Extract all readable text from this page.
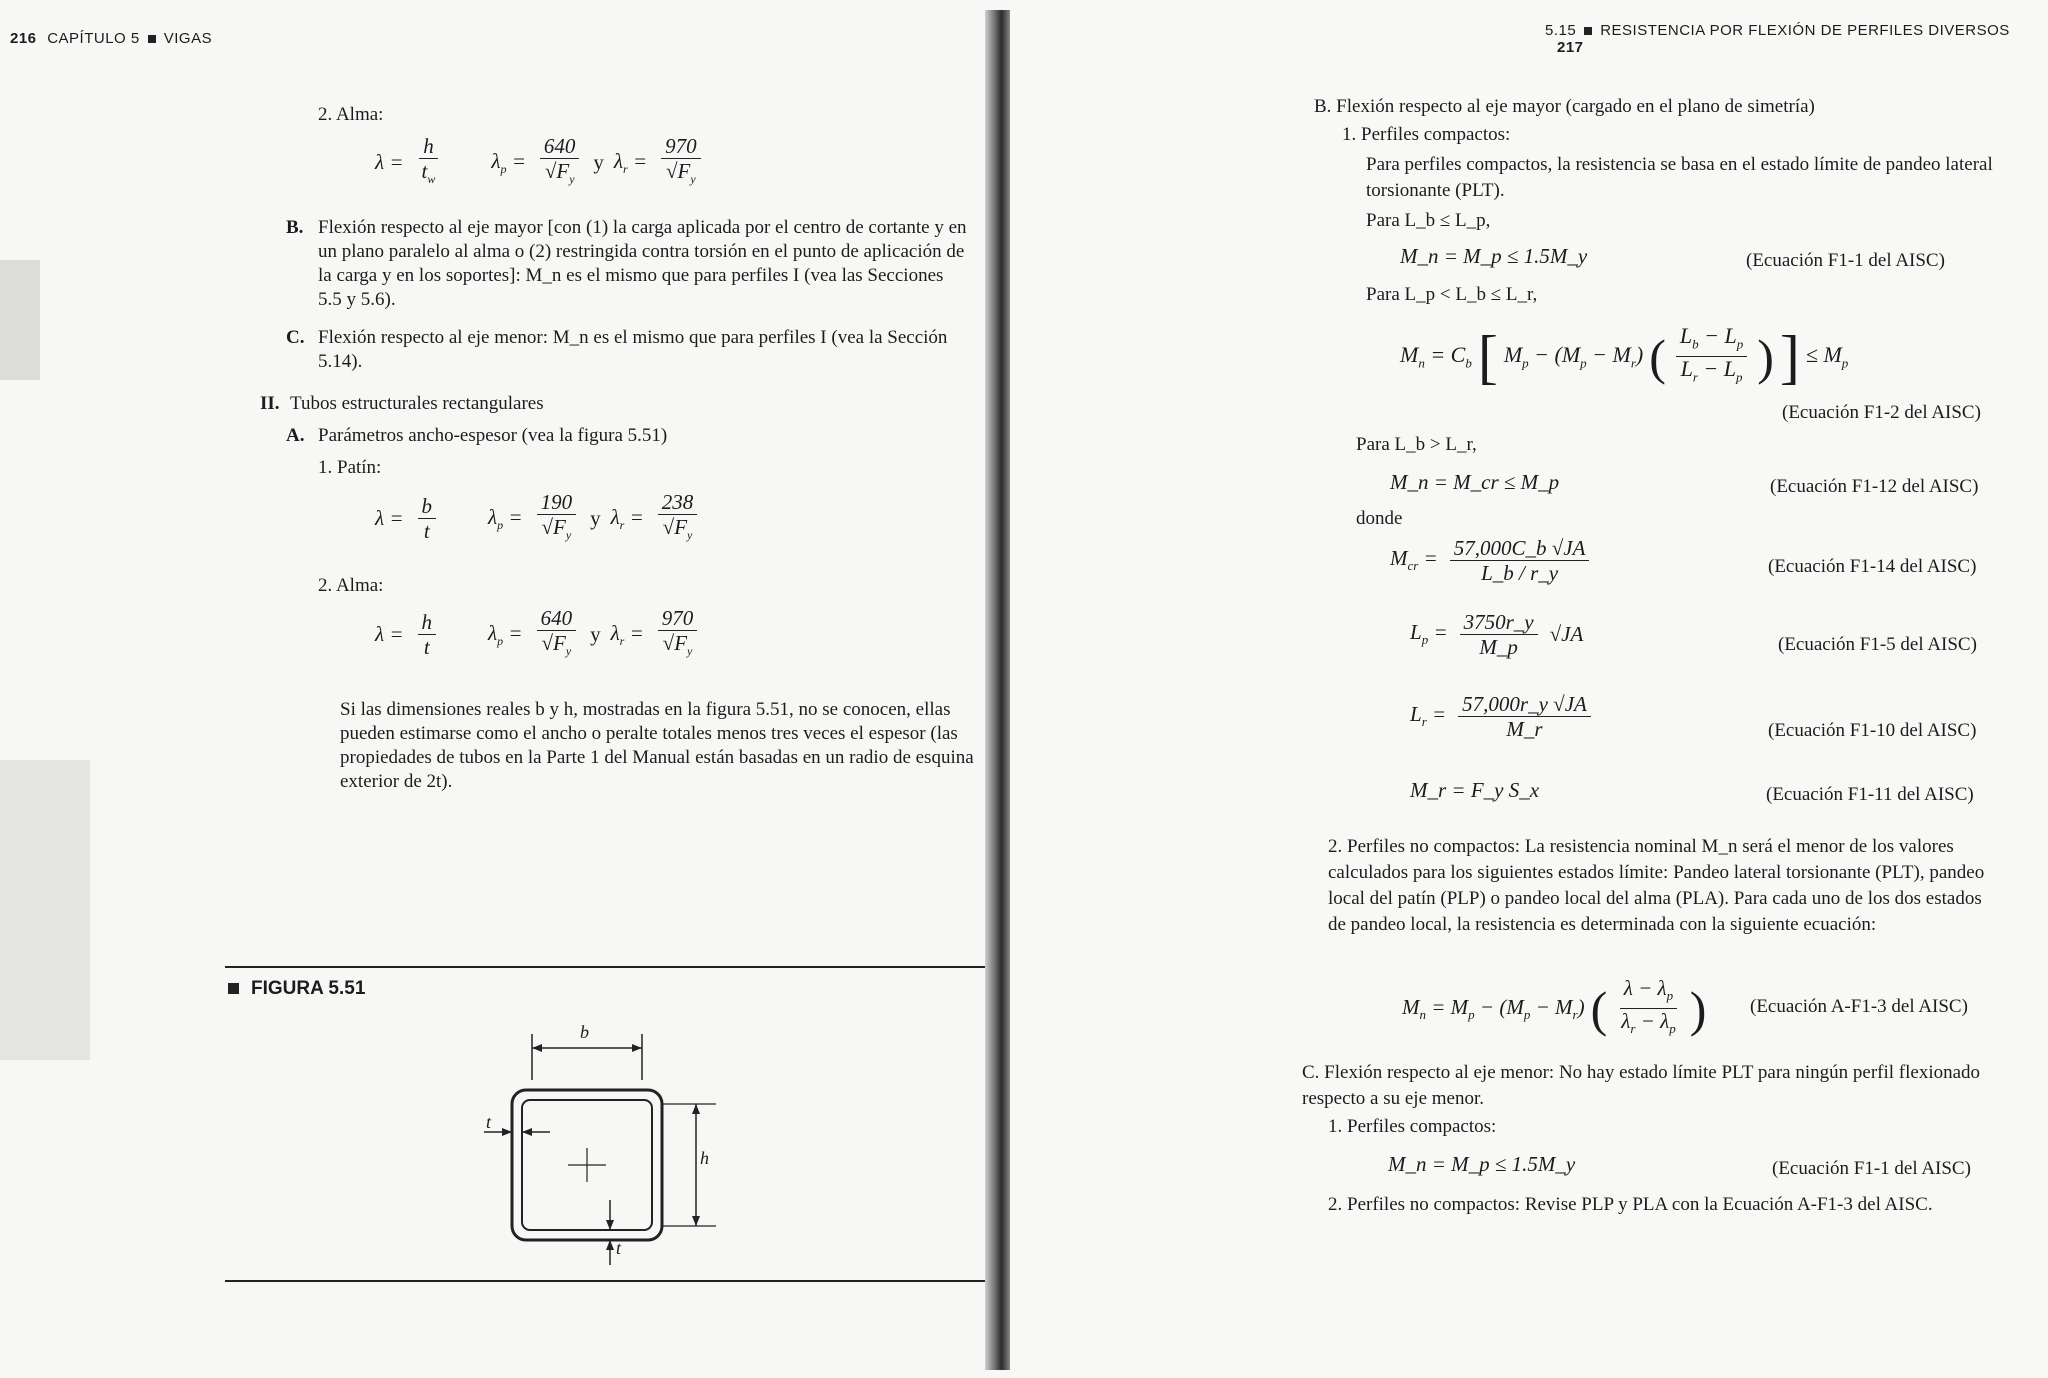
216 CAPÍTULO 5 VIGAS
2. Alma:
$\lambda = \frac{h}{t_w} \lambda_p = \frac{640}{√F_y}$ y $\lambda_r = \frac{970}{√F_y}$
B. Flexión respecto al eje mayor [con (1) la carga aplicada por el centro de cortante y en un plano paralelo al alma o (2) restringida contra torsión en el punto de aplicación de la carga y en los soportes]: M_n es el mismo que para perfiles I (vea las Secciones 5.5 y 5.6).
C. Flexión respecto al eje menor: M_n es el mismo que para perfiles I (vea la Sección 5.14).
II. Tubos estructurales rectangulares
A. Parámetros ancho-espesor (vea la figura 5.51)
1. Patín:
$\lambda = \frac{b}{t} \lambda_p = \frac{190}{√F_y}$ y $\lambda_r = \frac{238}{√F_y}$
2. Alma:
$\lambda = \frac{h}{t} \lambda_p = \frac{640}{√F_y}$ y $\lambda_r = \frac{970}{√F_y}$
Si las dimensiones reales b y h, mostradas en la figura 5.51, no se conocen, ellas pueden estimarse como el ancho o peralte totales menos tres veces el espesor (las propiedades de tubos en la Parte 1 del Manual están basadas en un radio de esquina exterior de 2t).
FIGURA 5.51
b
h
t
t
5.15 RESISTENCIA POR FLEXIÓN DE PERFILES DIVERSOS 217
B. Flexión respecto al eje mayor (cargado en el plano de simetría)
1. Perfiles compactos:
Para perfiles compactos, la resistencia se basa en el estado límite de pandeo lateral torsionante (PLT).
Para L_b ≤ L_p,
M_n = M_p ≤ 1.5M_y	(Ecuación F1-1 del AISC)
Para L_p < L_b ≤ L_r,
$M_n = C_b$ [ $M_p - (M_p - M_r)$ ( $\frac{L_b - L_p}{L_r - L_p}$ ) ] ≤ $M_p$
(Ecuación F1-2 del AISC)
Para L_b > L_r,
M_n = M_cr ≤ M_p	(Ecuación F1-12 del AISC)
donde
$M_{cr} = \frac{57,000C\_b √JA}{L\_b / r\_y}$	(Ecuación F1-14 del AISC)
$L_p = \frac{3750r\_y}{M\_p} √JA$	(Ecuación F1-5 del AISC)
$L_r = \frac{57,000r\_y √JA}{M\_r}$	(Ecuación F1-10 del AISC)
M_r = F_y S_x	(Ecuación F1-11 del AISC)
2. Perfiles no compactos: La resistencia nominal M_n será el menor de los valores calculados para los siguientes estados límite: Pandeo lateral torsionante (PLT), pandeo local del patín (PLP) o pandeo local del alma (PLA). Para cada uno de los dos estados de pandeo local, la resistencia es determinada con la siguiente ecuación:
$M_n = M_p - (M_p - M_r)$ ( $\frac{\lambda - \lambda_p}{\lambda_r - \lambda_p}$ ) (Ecuación A-F1-3 del AISC)
C. Flexión respecto al eje menor: No hay estado límite PLT para ningún perfil flexionado respecto a su eje menor.
1. Perfiles compactos:
M_n = M_p ≤ 1.5M_y	(Ecuación F1-1 del AISC)
2. Perfiles no compactos: Revise PLP y PLA con la Ecuación A-F1-3 del AISC.
